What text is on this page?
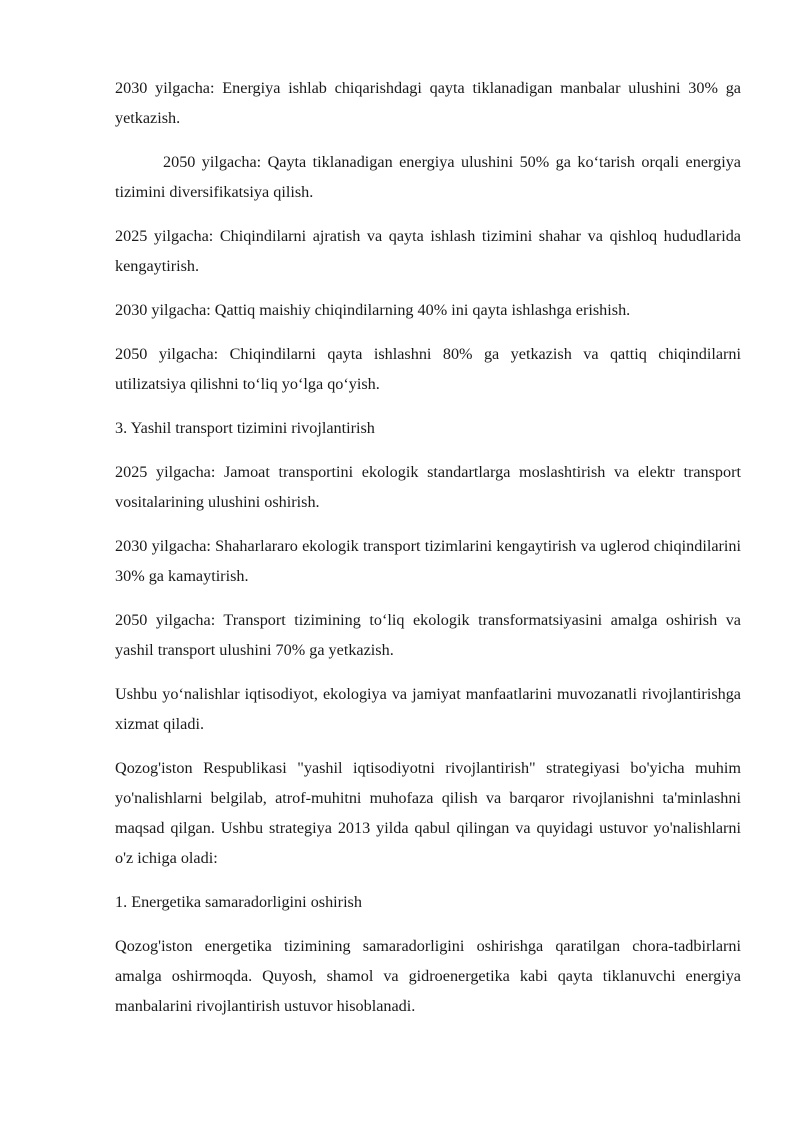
2030 yilgacha: Energiya ishlab chiqarishdagi qayta tiklanadigan manbalar ulushini 30% ga yetkazish.

2050 yilgacha: Qayta tiklanadigan energiya ulushini 50% ga ko‘tarish orqali energiya tizimini diversifikatsiya qilish.

2025 yilgacha: Chiqindilarni ajratish va qayta ishlash tizimini shahar va qishloq hududlarida kengaytirish.

2030 yilgacha: Qattiq maishiy chiqindilarning 40% ini qayta ishlashga erishish.

2050 yilgacha: Chiqindilarni qayta ishlashni 80% ga yetkazish va qattiq chiqindilarni utilizatsiya qilishni to‘liq yo‘lga qo‘yish.

3. Yashil transport tizimini rivojlantirish

2025 yilgacha: Jamoat transportini ekologik standartlarga moslashtirish va elektr transport vositalarining ulushini oshirish.

2030 yilgacha: Shaharlararo ekologik transport tizimlarini kengaytirish va uglerod chiqindilarini 30% ga kamaytirish.

2050 yilgacha: Transport tizimining to‘liq ekologik transformatsiyasini amalga oshirish va yashil transport ulushini 70% ga yetkazish.

Ushbu yo‘nalishlar iqtisodiyot, ekologiya va jamiyat manfaatlarini muvozanatli rivojlantirishga xizmat qiladi.

Qozog'iston Respublikasi "yashil iqtisodiyotni rivojlantirish" strategiyasi bo'yicha muhim yo'nalishlarni belgilab, atrof-muhitni muhofaza qilish va barqaror rivojlanishni ta'minlashni maqsad qilgan. Ushbu strategiya 2013 yilda qabul qilingan va quyidagi ustuvor yo'nalishlarni o'z ichiga oladi:

1. Energetika samaradorligini oshirish

Qozog'iston energetika tizimining samaradorligini oshirishga qaratilgan chora-tadbirlarni amalga oshirmoqda. Quyosh, shamol va gidroenergetika kabi qayta tiklanuvchi energiya manbalarini rivojlantirish ustuvor hisoblanadi.
